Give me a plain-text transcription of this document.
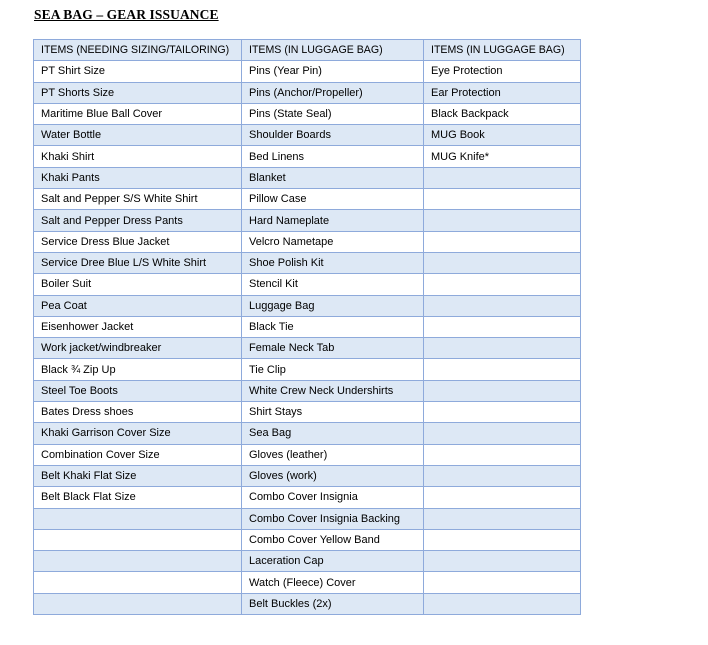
SEA BAG – GEAR ISSUANCE
ITEMS (NEEDING SIZING/TAILORING)	ITEMS (IN LUGGAGE BAG)	ITEMS (IN LUGGAGE BAG)
PT Shirt Size	Pins (Year Pin)	Eye Protection
PT Shorts Size	Pins (Anchor/Propeller)	Ear Protection
Maritime Blue Ball Cover	Pins (State Seal)	Black Backpack
Water Bottle	Shoulder Boards	MUG Book
Khaki Shirt	Bed Linens	MUG Knife*
Khaki Pants	Blanket	
Salt and Pepper S/S White Shirt	Pillow Case	
Salt and Pepper Dress Pants	Hard Nameplate	
Service Dress Blue Jacket	Velcro Nametape	
Service Dree Blue L/S White Shirt	Shoe Polish Kit	
Boiler Suit	Stencil Kit	
Pea Coat	Luggage Bag	
Eisenhower Jacket	Black Tie	
Work jacket/windbreaker	Female Neck Tab	
Black ¾ Zip Up	Tie Clip	
Steel Toe Boots	White Crew Neck Undershirts	
Bates Dress shoes	Shirt Stays	
Khaki Garrison Cover Size	Sea Bag	
Combination Cover Size	Gloves (leather)	
Belt Khaki Flat Size	Gloves (work)	
Belt Black Flat Size	Combo Cover Insignia	
	Combo Cover Insignia Backing	
	Combo Cover Yellow Band	
	Laceration Cap	
	Watch (Fleece) Cover	
	Belt Buckles (2x)	
